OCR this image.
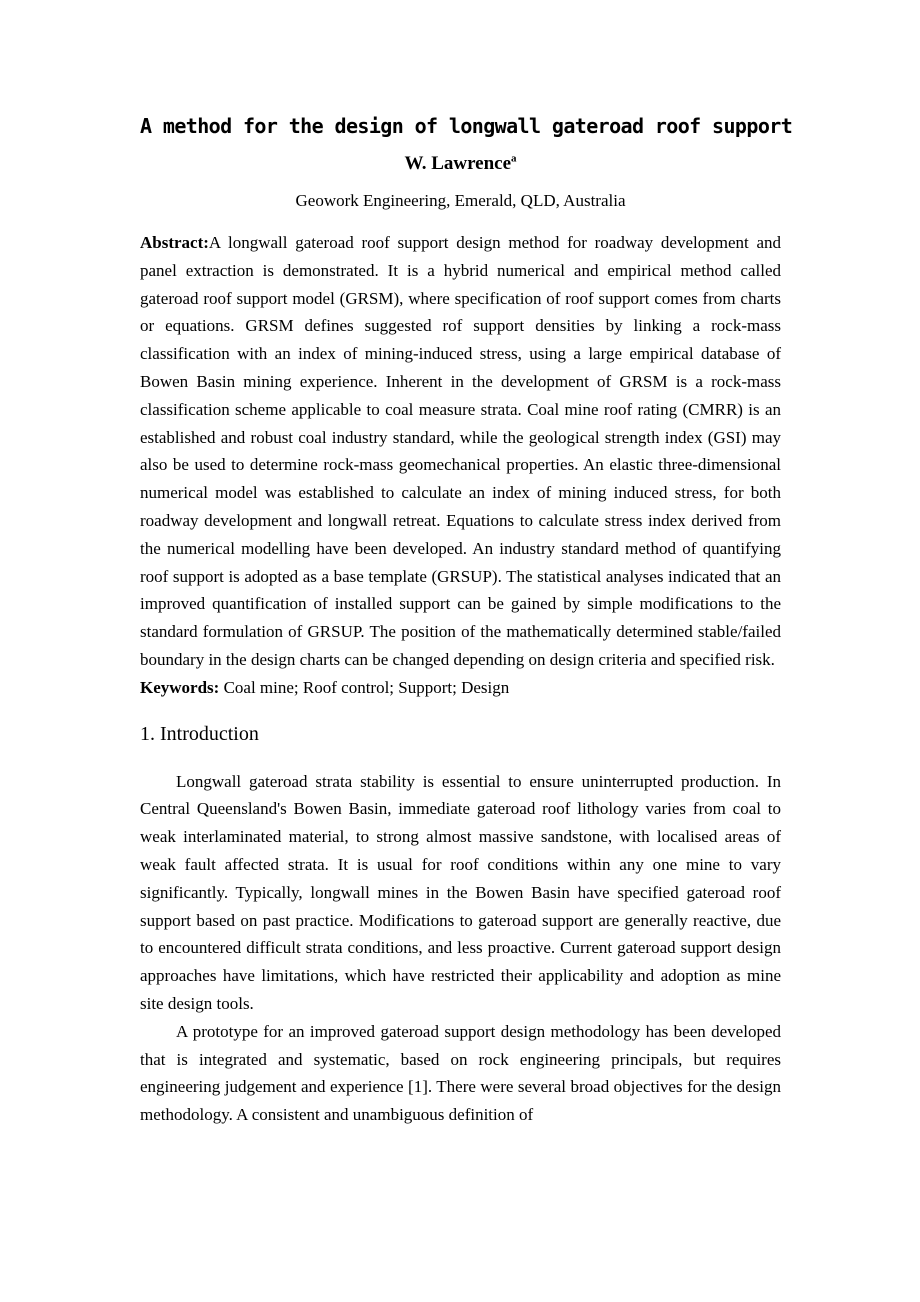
A method for the design of longwall gateroad roof support
W. Lawrence$^a$
Geowork Engineering, Emerald, QLD, Australia
Abstract:A longwall gateroad roof support design method for roadway development and panel extraction is demonstrated. It is a hybrid numerical and empirical method called gateroad roof support model (GRSM), where specification of roof support comes from charts or equations. GRSM defines suggested rof support densities by linking a rock-mass classification with an index of mining-induced stress, using a large empirical database of Bowen Basin mining experience. Inherent in the development of GRSM is a rock-mass classification scheme applicable to coal measure strata. Coal mine roof rating (CMRR) is an established and robust coal industry standard, while the geological strength index (GSI) may also be used to determine rock-mass geomechanical properties. An elastic three-dimensional numerical model was established to calculate an index of mining induced stress, for both roadway development and longwall retreat. Equations to calculate stress index derived from the numerical modelling have been developed. An industry standard method of quantifying roof support is adopted as a base template (GRSUP). The statistical analyses indicated that an improved quantification of installed support can be gained by simple modifications to the standard formulation of GRSUP. The position of the mathematically determined stable/failed boundary in the design charts can be changed depending on design criteria and specified risk.
Keywords: Coal mine; Roof control; Support; Design
1. Introduction

Longwall gateroad strata stability is essential to ensure uninterrupted production. In Central Queensland's Bowen Basin, immediate gateroad roof lithology varies from coal to weak interlaminated material, to strong almost massive sandstone, with localised areas of weak fault affected strata. It is usual for roof conditions within any one mine to vary significantly. Typically, longwall mines in the Bowen Basin have specified gateroad roof support based on past practice. Modifications to gateroad support are generally reactive, due to encountered difficult strata conditions, and less proactive. Current gateroad support design approaches have limitations, which have restricted their applicability and adoption as mine site design tools.

A prototype for an improved gateroad support design methodology has been developed that is integrated and systematic, based on rock engineering principals, but requires engineering judgement and experience [1]. There were several broad objectives for the design methodology. A consistent and unambiguous definition of
